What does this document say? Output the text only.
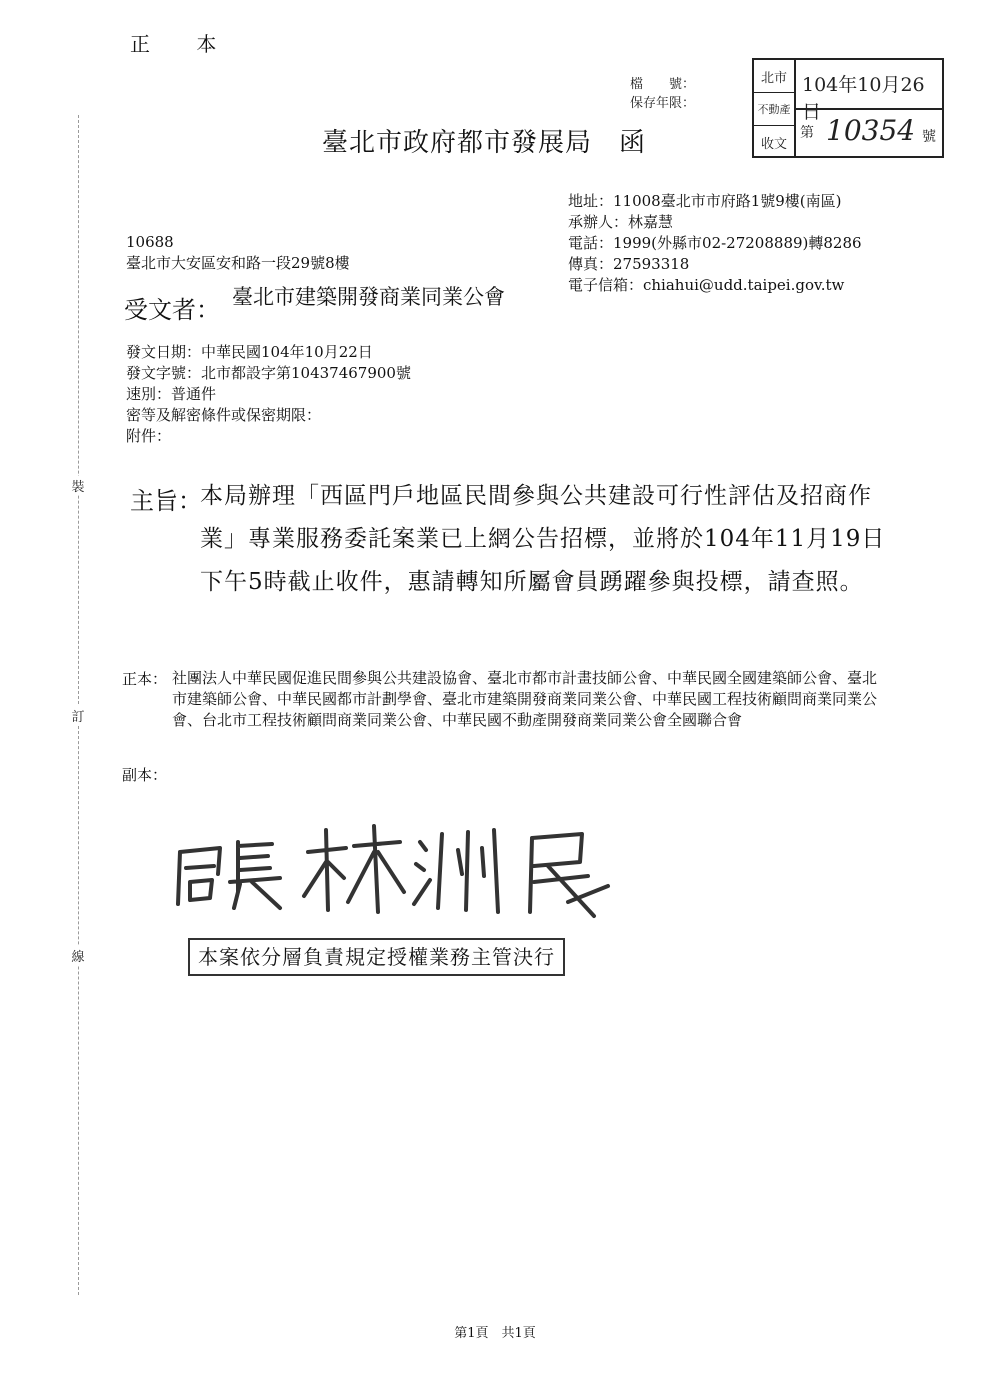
裝
訂
線
正 本
檔　　號：
保存年限：
臺北市政府都市發展局　函
北市
不動產
收文
104年10月26日
第 10354 號
地址：11008臺北市市府路1號9樓(南區)
承辦人：林嘉慧
電話：1999(外縣市02-27208889)轉8286
傳真：27593318
電子信箱：chiahui@udd.taipei.gov.tw
10688
臺北市大安區安和路一段29號8樓
受文者： 臺北市建築開發商業同業公會
發文日期：中華民國104年10月22日
發文字號：北市都設字第10437467900號
速別：普通件
密等及解密條件或保密期限：
附件：
主旨：
本局辦理「西區門戶地區民間參與公共建設可行性評估及招商作業」專業服務委託案業已上網公告招標，並將於104年11月19日下午5時截止收件，惠請轉知所屬會員踴躍參與投標，請查照。
正本： 社團法人中華民國促進民間參與公共建設協會、臺北市都市計畫技師公會、中華民國全國建築師公會、臺北市建築師公會、中華民國都市計劃學會、臺北市建築開發商業同業公會、中華民國工程技術顧問商業同業公會、台北市工程技術顧問商業同業公會、中華民國不動產開發商業同業公會全國聯合會
副本：
本案依分層負責規定授權業務主管決行
第1頁　共1頁
